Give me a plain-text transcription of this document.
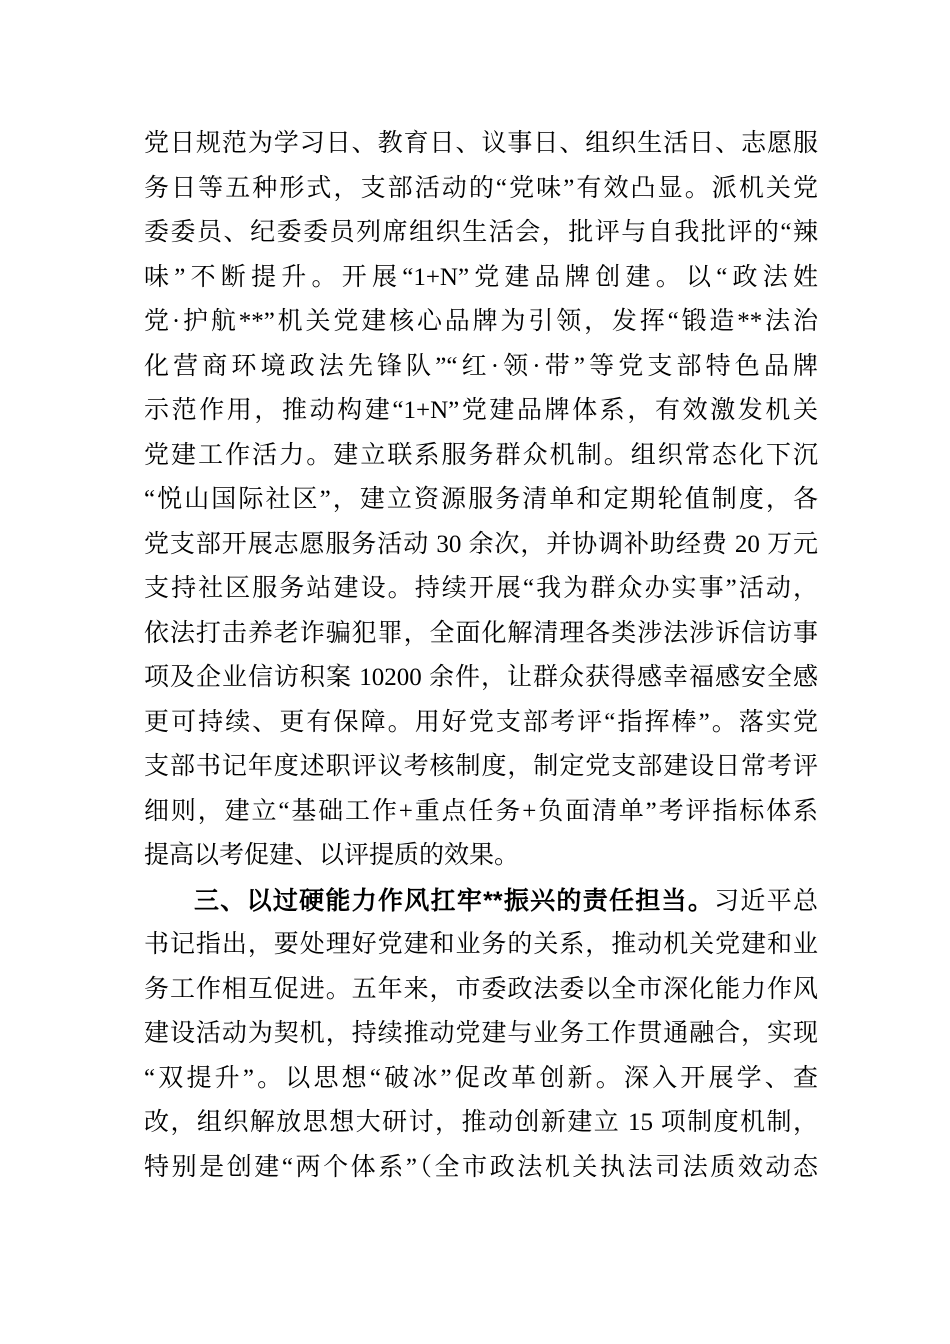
党日规范为学习日、教育日、议事日、组织生活日、志愿服
务日等五种形式，支部活动的“党味”有效凸显。派机关党
委委员、纪委委员列席组织生活会，批评与自我批评的“辣
味”不断提升。开展“1+N”党建品牌创建。以“政法姓
党·护航**”机关党建核心品牌为引领，发挥“锻造**法治
化营商环境政法先锋队”“红·领·带”等党支部特色品牌
示范作用，推动构建“1+N”党建品牌体系，有效激发机关
党建工作活力。建立联系服务群众机制。组织常态化下沉
“悦山国际社区”，建立资源服务清单和定期轮值制度，各
党支部开展志愿服务活动 30 余次，并协调补助经费 20 万元
支持社区服务站建设。持续开展“我为群众办实事”活动，
依法打击养老诈骗犯罪，全面化解清理各类涉法涉诉信访事
项及企业信访积案 10200 余件，让群众获得感幸福感安全感
更可持续、更有保障。用好党支部考评“指挥棒”。落实党
支部书记年度述职评议考核制度，制定党支部建设日常考评
细则，建立“基础工作+重点任务+负面清单”考评指标体系
提高以考促建、以评提质的效果。
三、以过硬能力作风扛牢**振兴的责任担当。习近平总
书记指出，要处理好党建和业务的关系，推动机关党建和业
务工作相互促进。五年来，市委政法委以全市深化能力作风
建设活动为契机，持续推动党建与业务工作贯通融合，实现
“双提升”。以思想“破冰”促改革创新。深入开展学、查
改，组织解放思想大研讨，推动创新建立 15 项制度机制，
特别是创建“两个体系”（全市政法机关执法司法质效动态
